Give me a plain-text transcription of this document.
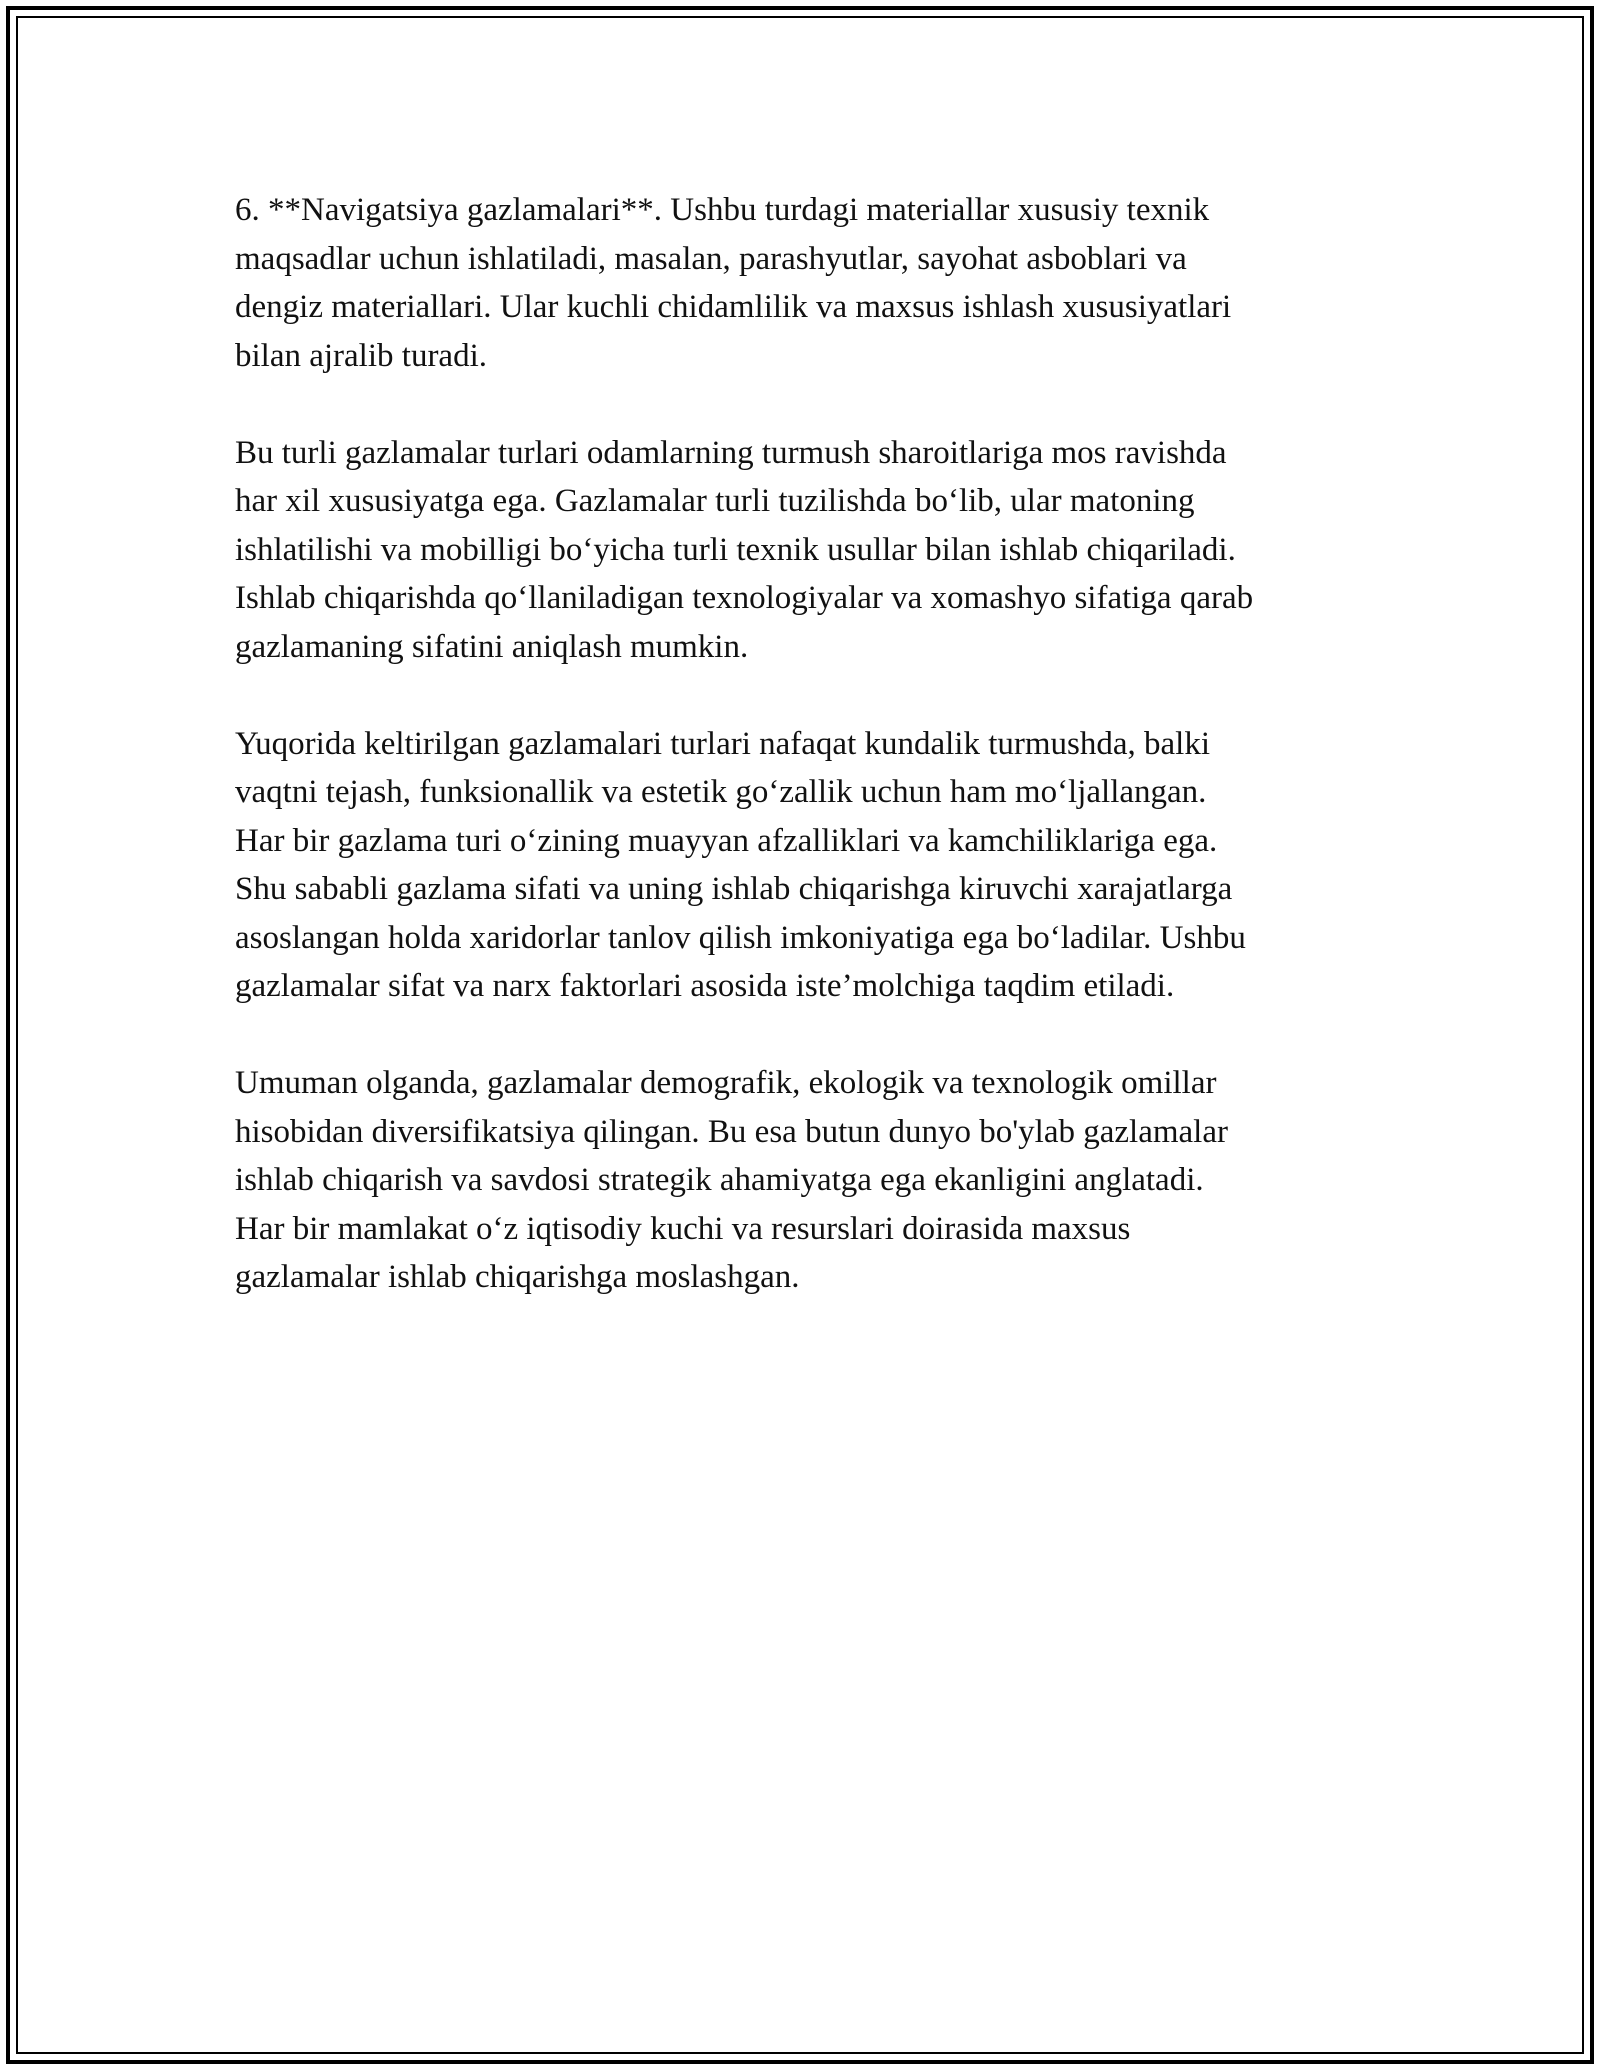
6. **Navigatsiya gazlamalari**. Ushbu turdagi materiallar xususiy texnik
maqsadlar uchun ishlatiladi, masalan, parashyutlar, sayohat asboblari va
dengiz materiallari. Ular kuchli chidamlilik va maxsus ishlash xususiyatlari
bilan ajralib turadi.

Bu turli gazlamalar turlari odamlarning turmush sharoitlariga mos ravishda
har xil xususiyatga ega. Gazlamalar turli tuzilishda bo‘lib, ular matoning
ishlatilishi va mobilligi bo‘yicha turli texnik usullar bilan ishlab chiqariladi.
Ishlab chiqarishda qo‘llaniladigan texnologiyalar va xomashyo sifatiga qarab
gazlamaning sifatini aniqlash mumkin.

Yuqorida keltirilgan gazlamalari turlari nafaqat kundalik turmushda, balki
vaqtni tejash, funksionallik va estetik go‘zallik uchun ham mo‘ljallangan.
Har bir gazlama turi o‘zining muayyan afzalliklari va kamchiliklariga ega.
Shu sababli gazlama sifati va uning ishlab chiqarishga kiruvchi xarajatlarga
asoslangan holda xaridorlar tanlov qilish imkoniyatiga ega bo‘ladilar. Ushbu
gazlamalar sifat va narx faktorlari asosida iste’molchiga taqdim etiladi.

Umuman olganda, gazlamalar demografik, ekologik va texnologik omillar
hisobidan diversifikatsiya qilingan. Bu esa butun dunyo bo'ylab gazlamalar
ishlab chiqarish va savdosi strategik ahamiyatga ega ekanligini anglatadi.
Har bir mamlakat o‘z iqtisodiy kuchi va resurslari doirasida maxsus
gazlamalar ishlab chiqarishga moslashgan.
